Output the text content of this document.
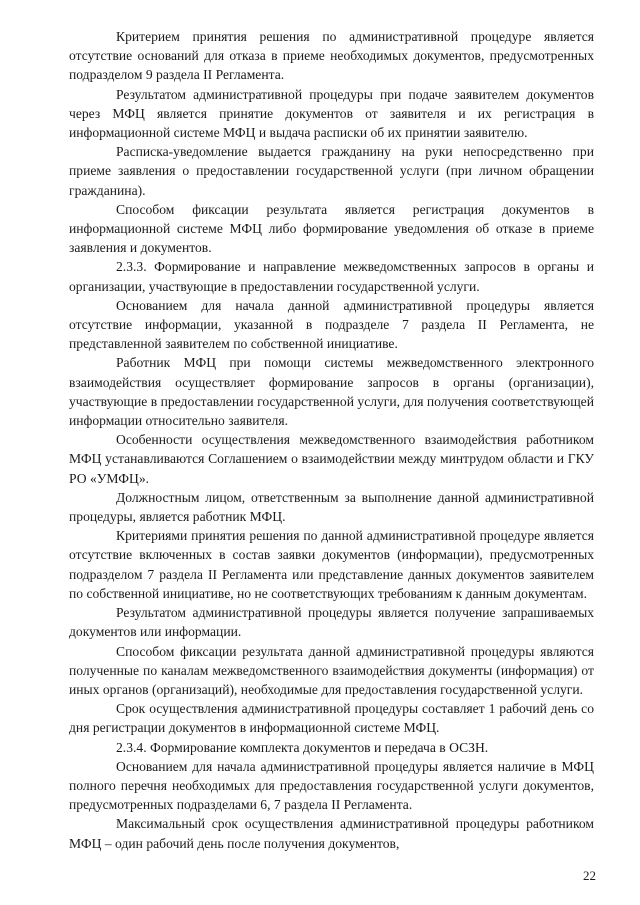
Критерием принятия решения по административной процедуре является отсутствие оснований для отказа в приеме необходимых документов, предусмотренных подразделом 9 раздела II Регламента.

Результатом административной процедуры при подаче заявителем документов через МФЦ является принятие документов от заявителя и их регистрация в информационной системе МФЦ и выдача расписки об их принятии заявителю.

Расписка-уведомление выдается гражданину на руки непосредственно при приеме заявления о предоставлении государственной услуги (при личном обращении гражданина).

Способом фиксации результата является регистрация документов в информационной системе МФЦ либо формирование уведомления об отказе в приеме заявления и документов.

2.3.3. Формирование и направление межведомственных запросов в органы и организации, участвующие в предоставлении государственной услуги.

Основанием для начала данной административной процедуры является отсутствие информации, указанной в подразделе 7 раздела II Регламента, не представленной заявителем по собственной инициативе.

Работник МФЦ при помощи системы межведомственного электронного взаимодействия осуществляет формирование запросов в органы (организации), участвующие в предоставлении государственной услуги, для получения соответствующей информации относительно заявителя.

Особенности осуществления межведомственного взаимодействия работником МФЦ устанавливаются Соглашением о взаимодействии между минтрудом области и ГКУ РО «УМФЦ».

Должностным лицом, ответственным за выполнение данной административной процедуры, является работник МФЦ.

Критериями принятия решения по данной административной процедуре является отсутствие включенных в состав заявки документов (информации), предусмотренных подразделом 7 раздела II Регламента или представление данных документов заявителем по собственной инициативе, но не соответствующих требованиям к данным документам.

Результатом административной процедуры является получение запрашиваемых документов или информации.

Способом фиксации результата данной административной процедуры являются полученные по каналам межведомственного взаимодействия документы (информация) от иных органов (организаций), необходимые для предоставления государственной услуги.

Срок осуществления административной процедуры составляет 1 рабочий день со дня регистрации документов в информационной системе МФЦ.

2.3.4. Формирование комплекта документов и передача в ОСЗН.

Основанием для начала административной процедуры является наличие в МФЦ полного перечня необходимых для предоставления государственной услуги документов, предусмотренных подразделами 6, 7 раздела II Регламента.

Максимальный срок осуществления административной процедуры работником МФЦ – один рабочий день после получения документов,

22
